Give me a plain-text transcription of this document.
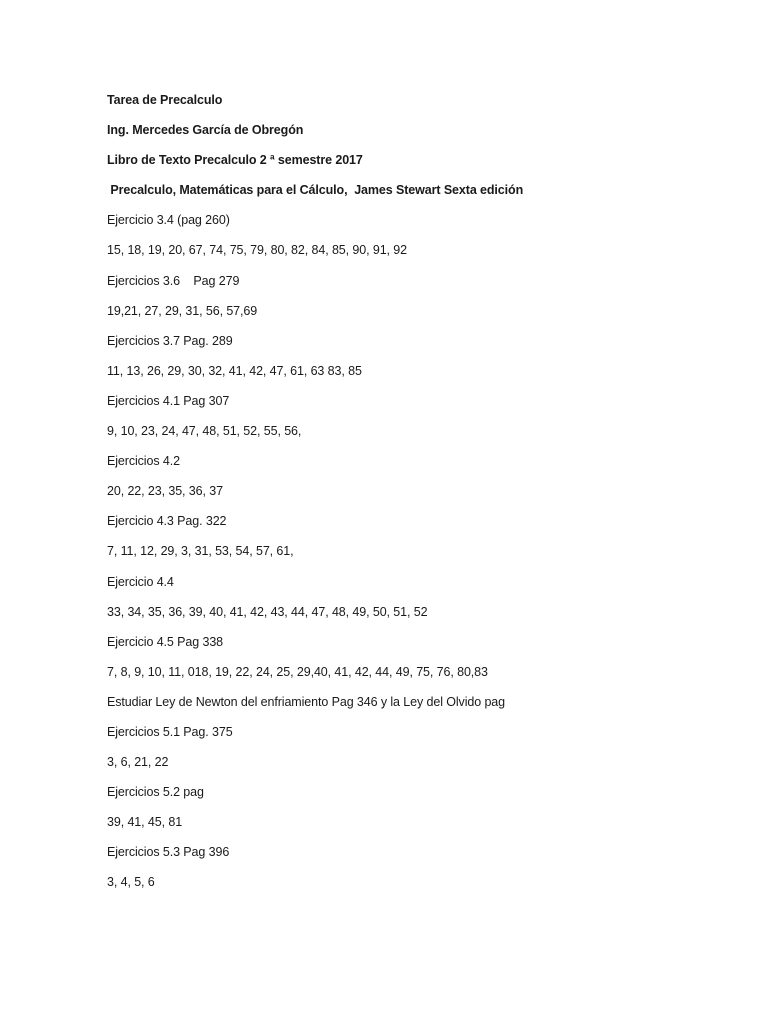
Tarea de Precalculo
Ing. Mercedes García de Obregón
Libro de Texto Precalculo 2 ª semestre 2017
Precalculo, Matemáticas para el Cálculo,  James Stewart Sexta edición
Ejercicio 3.4 (pag 260)
15, 18, 19, 20, 67, 74, 75, 79, 80, 82, 84, 85, 90, 91, 92
Ejercicios 3.6    Pag 279
19,21, 27, 29, 31, 56, 57,69
Ejercicios 3.7 Pag. 289
11, 13, 26, 29, 30, 32, 41, 42, 47, 61, 63 83, 85
Ejercicios 4.1 Pag 307
9, 10, 23, 24, 47, 48, 51, 52, 55, 56,
Ejercicios 4.2
20, 22, 23, 35, 36, 37
Ejercicio 4.3 Pag. 322
7, 11, 12, 29, 3, 31, 53, 54, 57, 61,
Ejercicio 4.4
33, 34, 35, 36, 39, 40, 41, 42, 43, 44, 47, 48, 49, 50, 51, 52
Ejercicio 4.5 Pag 338
7, 8, 9, 10, 11, 018, 19, 22, 24, 25, 29,40, 41, 42, 44, 49, 75, 76, 80,83
Estudiar Ley de Newton del enfriamiento Pag 346 y la Ley del Olvido pag
Ejercicios 5.1 Pag. 375
3, 6, 21, 22
Ejercicios 5.2 pag
39, 41, 45, 81
Ejercicios 5.3 Pag 396
3, 4, 5, 6
